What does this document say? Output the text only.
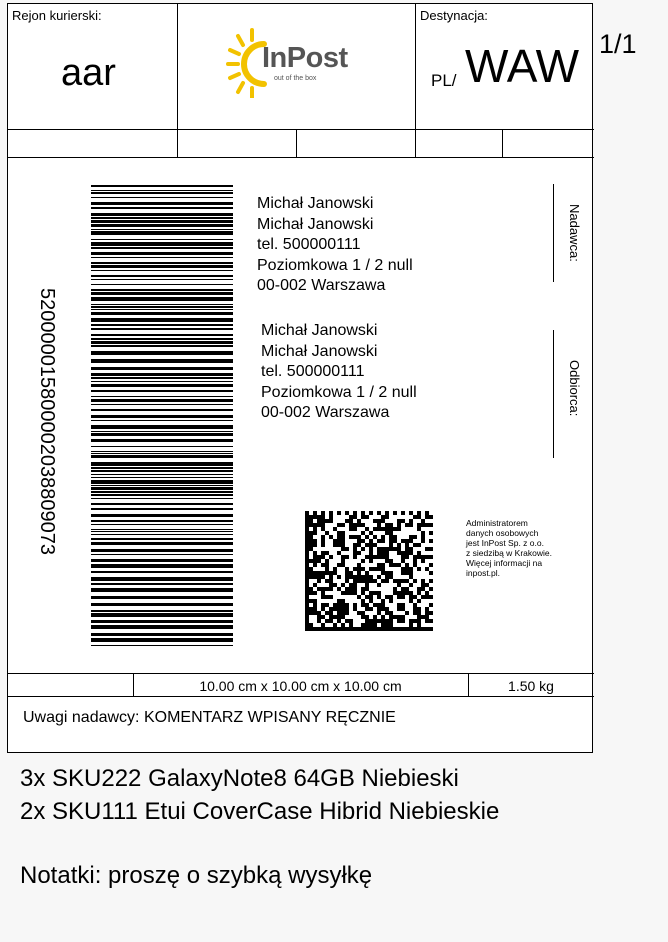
Rejon kurierski:
aar	InPost
out of the box
Destynacja:
PL/ WAW
520000015800002038809073
Michał Janowski
Michał Janowski
tel. 500000111
Poziomkowa 1 / 2 null
00-002 Warszawa
Nadawca:
Michał Janowski
Michał Janowski
tel. 500000111
Poziomkowa 1 / 2 null
00-002 Warszawa	Odbiorca:
Administratorem
danych osobowych
jest InPost Sp. z o.o.
z siedzibą w Krakowie.
Więcej informacji na
inpost.pl.
10.00 cm x 10.00 cm x 10.00 cm	1.50 kg
Uwagi nadawcy: KOMENTARZ WPISANY RĘCZNIE
1/1
3x SKU222 GalaxyNote8 64GB Niebieski
2x SKU111 Etui CoverCase Hibrid Niebieskie
Notatki: proszę o szybką wysyłkę
